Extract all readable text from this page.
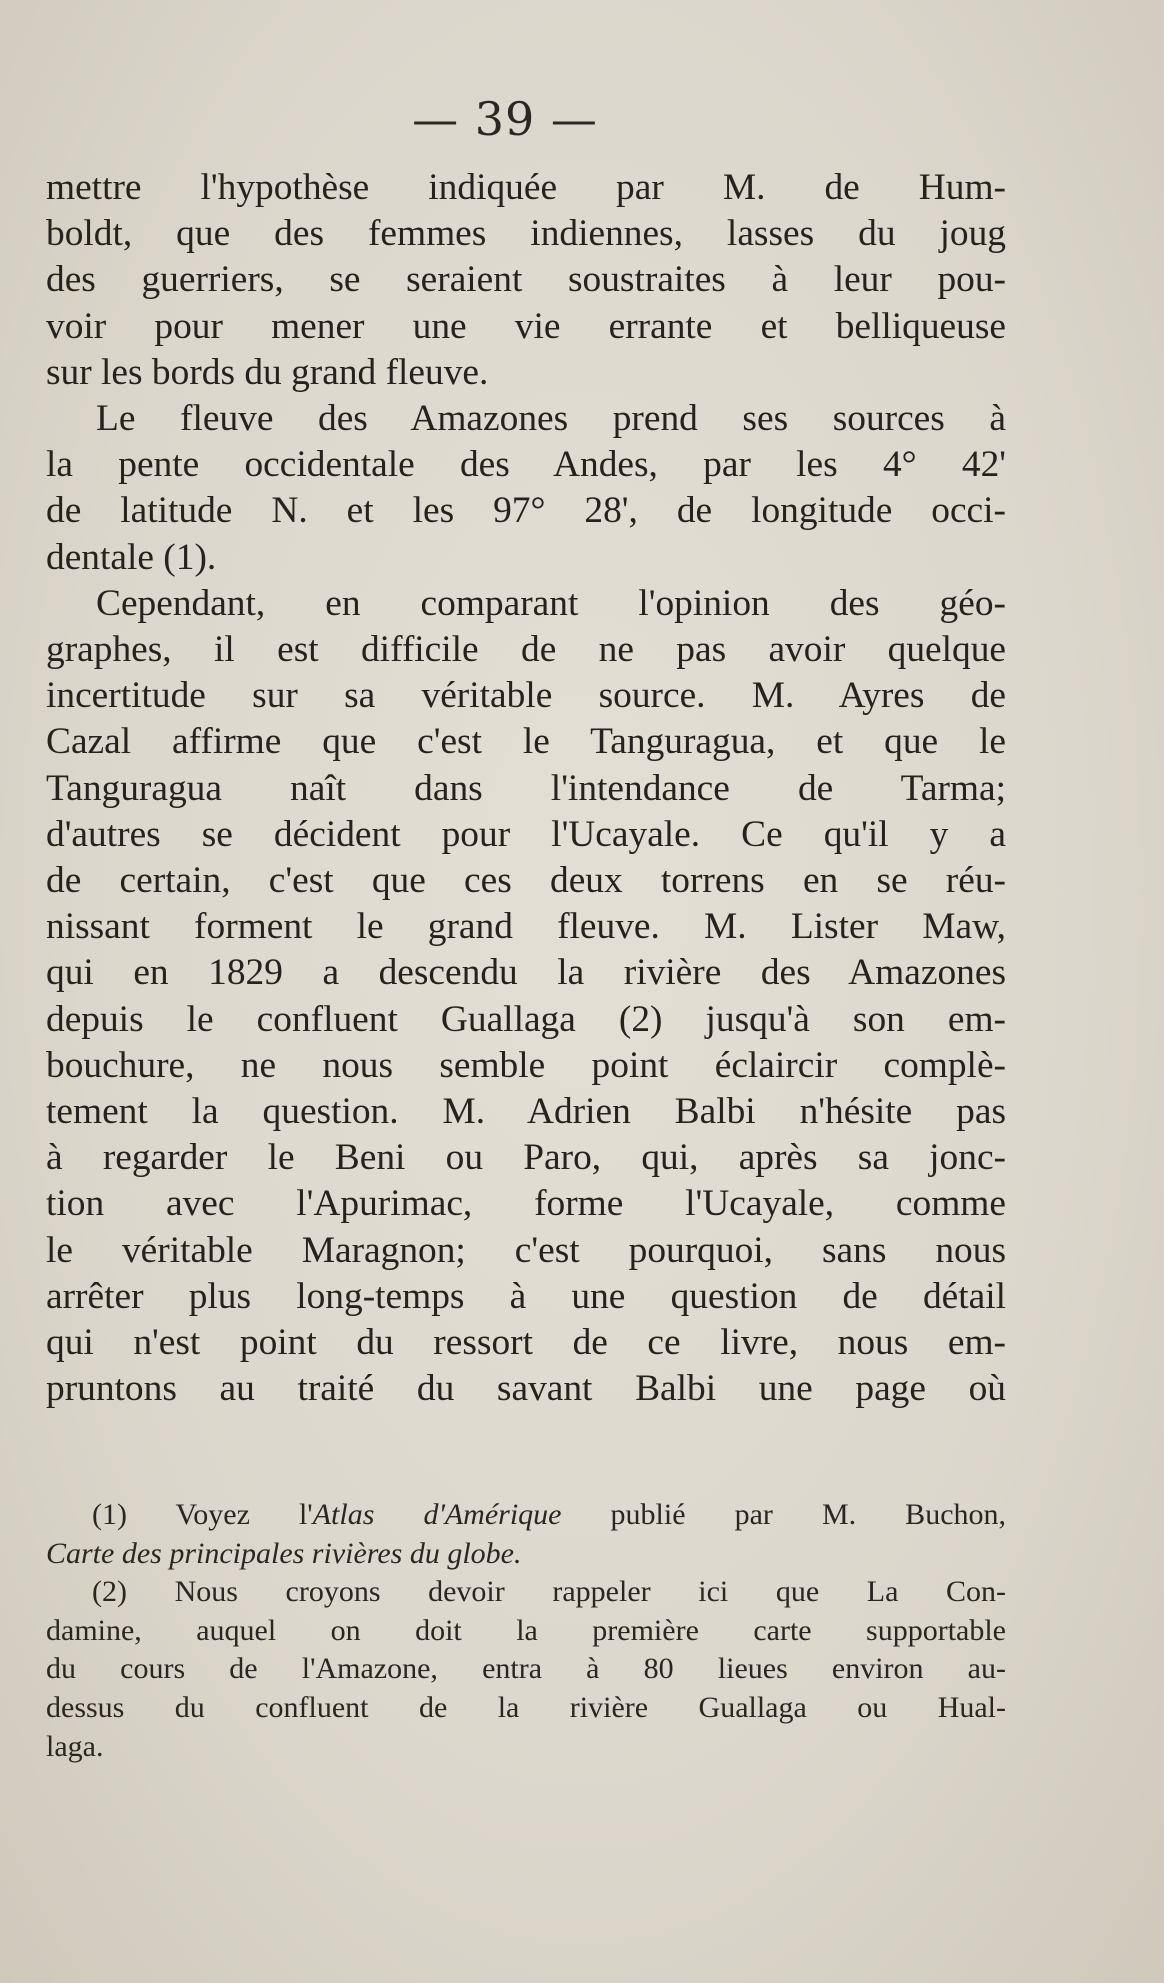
— 39 —
mettre l'hypothèse indiquée par M. de Hum-
boldt, que des femmes indiennes, lasses du joug
des guerriers, se seraient soustraites à leur pou-
voir pour mener une vie errante et belliqueuse
sur les bords du grand fleuve.
Le fleuve des Amazones prend ses sources à
la pente occidentale des Andes, par les 4° 42'
de latitude N. et les 97° 28', de longitude occi-
dentale (1).
Cependant, en comparant l'opinion des géo-
graphes, il est difficile de ne pas avoir quelque
incertitude sur sa véritable source. M. Ayres de
Cazal affirme que c'est le Tanguragua, et que le
Tanguragua naît dans l'intendance de Tarma;
d'autres se décident pour l'Ucayale. Ce qu'il y a
de certain, c'est que ces deux torrens en se réu-
nissant forment le grand fleuve. M. Lister Maw,
qui en 1829 a descendu la rivière des Amazones
depuis le confluent Guallaga (2) jusqu'à son em-
bouchure, ne nous semble point éclaircir complè-
tement la question. M. Adrien Balbi n'hésite pas
à regarder le Beni ou Paro, qui, après sa jonc-
tion avec l'Apurimac, forme l'Ucayale, comme
le véritable Maragnon; c'est pourquoi, sans nous
arrêter plus long-temps à une question de détail
qui n'est point du ressort de ce livre, nous em-
pruntons au traité du savant Balbi une page où
(1) Voyez l'Atlas d'Amérique publié par M. Buchon,
Carte des principales rivières du globe.
(2) Nous croyons devoir rappeler ici que La Con-
damine, auquel on doit la première carte supportable
du cours de l'Amazone, entra à 80 lieues environ au-
dessus du confluent de la rivière Guallaga ou Hual-
laga.
